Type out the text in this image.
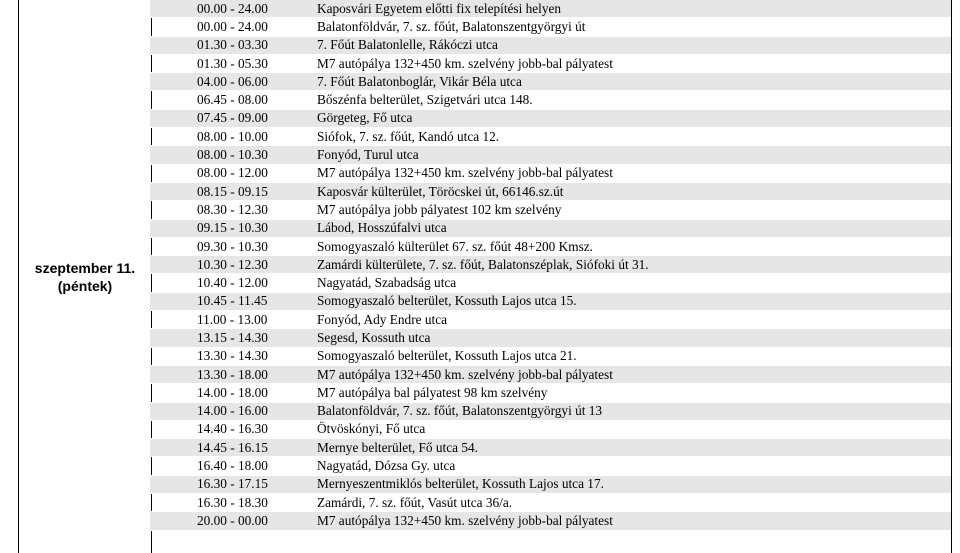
szeptember 11.
(péntek)
00.00 - 24.00	Kaposvári Egyetem előtti fix telepítési helyen
00.00 - 24.00	Balatonföldvár, 7. sz. főút, Balatonszentgyörgyi út
01.30 - 03.30	7. Főút Balatonlelle, Rákóczi utca
01.30 - 05.30	M7 autópálya 132+450 km. szelvény jobb-bal pályatest
04.00 - 06.00	7. Főút Balatonboglár, Vikár Béla utca
06.45 - 08.00	Bőszénfa belterület, Szigetvári utca 148.
07.45 - 09.00	Görgeteg, Fő utca
08.00 - 10.00	Siófok, 7. sz. főút, Kandó utca 12.
08.00 - 10.30	Fonyód, Turul utca
08.00 - 12.00	M7 autópálya 132+450 km. szelvény jobb-bal pályatest
08.15 - 09.15	Kaposvár külterület, Töröcskei út, 66146.sz.út
08.30 - 12.30	M7 autópálya jobb pályatest 102 km szelvény
09.15 - 10.30	Lábod, Hosszúfalvi utca
09.30 - 10.30	Somogyaszaló külterület 67. sz. főút 48+200 Kmsz.
10.30 - 12.30	Zamárdi külterülete, 7. sz. főút, Balatonszéplak, Siófoki út 31.
10.40 - 12.00	Nagyatád, Szabadság utca
10.45 - 11.45	Somogyaszaló belterület, Kossuth Lajos utca 15.
11.00 - 13.00	Fonyód, Ady Endre utca
13.15 - 14.30	Segesd, Kossuth utca
13.30 - 14.30	Somogyaszaló belterület, Kossuth Lajos utca 21.
13.30 - 18.00	M7 autópálya 132+450 km. szelvény jobb-bal pályatest
14.00 - 18.00	M7 autópálya bal pályatest 98 km szelvény
14.00 - 16.00	Balatonföldvár, 7. sz. főút, Balatonszentgyörgyi út 13
14.40 - 16.30	Ötvöskónyi, Fő utca
14.45 - 16.15	Mernye belterület, Fő utca 54.
16.40 - 18.00	Nagyatád, Dózsa Gy. utca
16.30 - 17.15	Mernyeszentmiklós belterület, Kossuth Lajos utca 17.
16.30 - 18.30	Zamárdi, 7. sz. főút, Vasút utca 36/a.
20.00 - 00.00	M7 autópálya 132+450 km. szelvény jobb-bal pályatest
